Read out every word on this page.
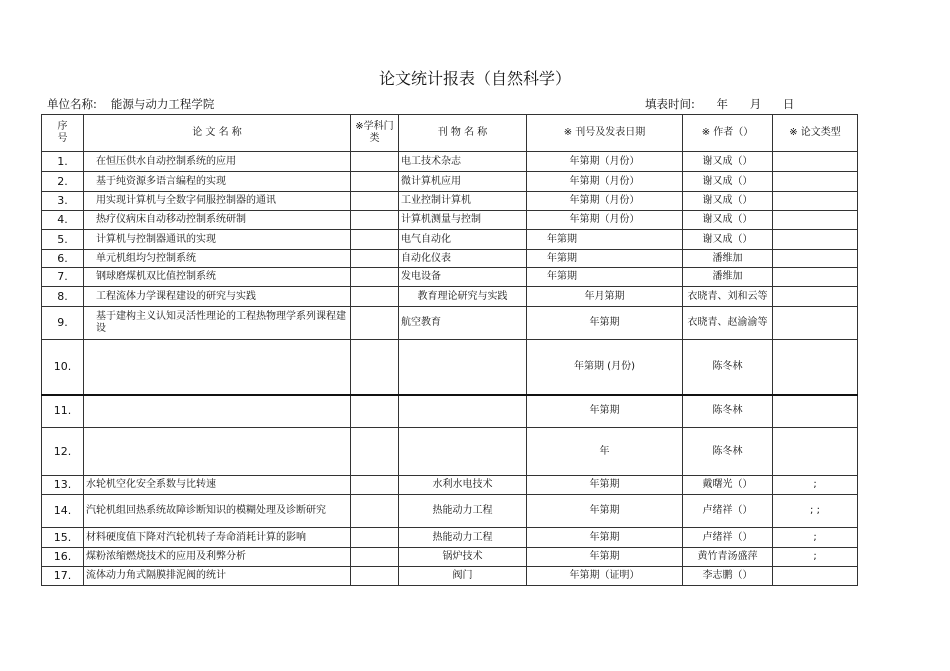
论文统计报表（自然科学）
单位名称: 能源与动力工程学院	填表时间: 年 月 日
序号	论 文 名 称	※学科门类	刊 物 名 称	※ 刊号及发表日期	※ 作者（）	※ 论文类型
1.	在恒压供水自动控制系统的应用		电工技术杂志	年第期（月份）	谢又成（）	
2.	基于纯资源多语言编程的实现		微计算机应用	年第期（月份）	谢又成（）	
3.	用实现计算机与全数字伺服控制器的通讯		工业控制计算机	年第期（月份）	谢又成（）	
4.	热疗仪病床自动移动控制系统研制		计算机测量与控制	年第期（月份）	谢又成（）	
5.	计算机与控制器通讯的实现		电气自动化	年第期	谢又成（）	
6.	单元机组均匀控制系统		自动化仪表	年第期	潘维加	
7.	钢球磨煤机双比值控制系统		发电设备	年第期	潘维加	
8.	工程流体力学课程建设的研究与实践		教育理论研究与实践	年月第期	衣晓青、刘和云等	
9.	基于建构主义认知灵活性理论的工程热物理学系列课程建设		航空教育	年第期	衣晓青、赵渝渝等	
10.				年第期 (月份)	陈冬林	
11.				年第期	陈冬林	
12.				年	陈冬林	
13.	水轮机空化安全系数与比转速		水利水电技术	年第期	戴曙光（）	;
14.	汽轮机组回热系统故障诊断知识的模糊处理及诊断研究		热能动力工程	年第期	卢绪祥（）	; ;
15.	材料硬度值下降对汽轮机转子寿命消耗计算的影响		热能动力工程	年第期	卢绪祥（）	;
16.	煤粉浓缩燃烧技术的应用及利弊分析		锅炉技术	年第期	黄竹青汤盛萍	;
17.	流体动力角式隔膜排泥阀的统计		阀门	年第期（证明）	李志鹏（）	
